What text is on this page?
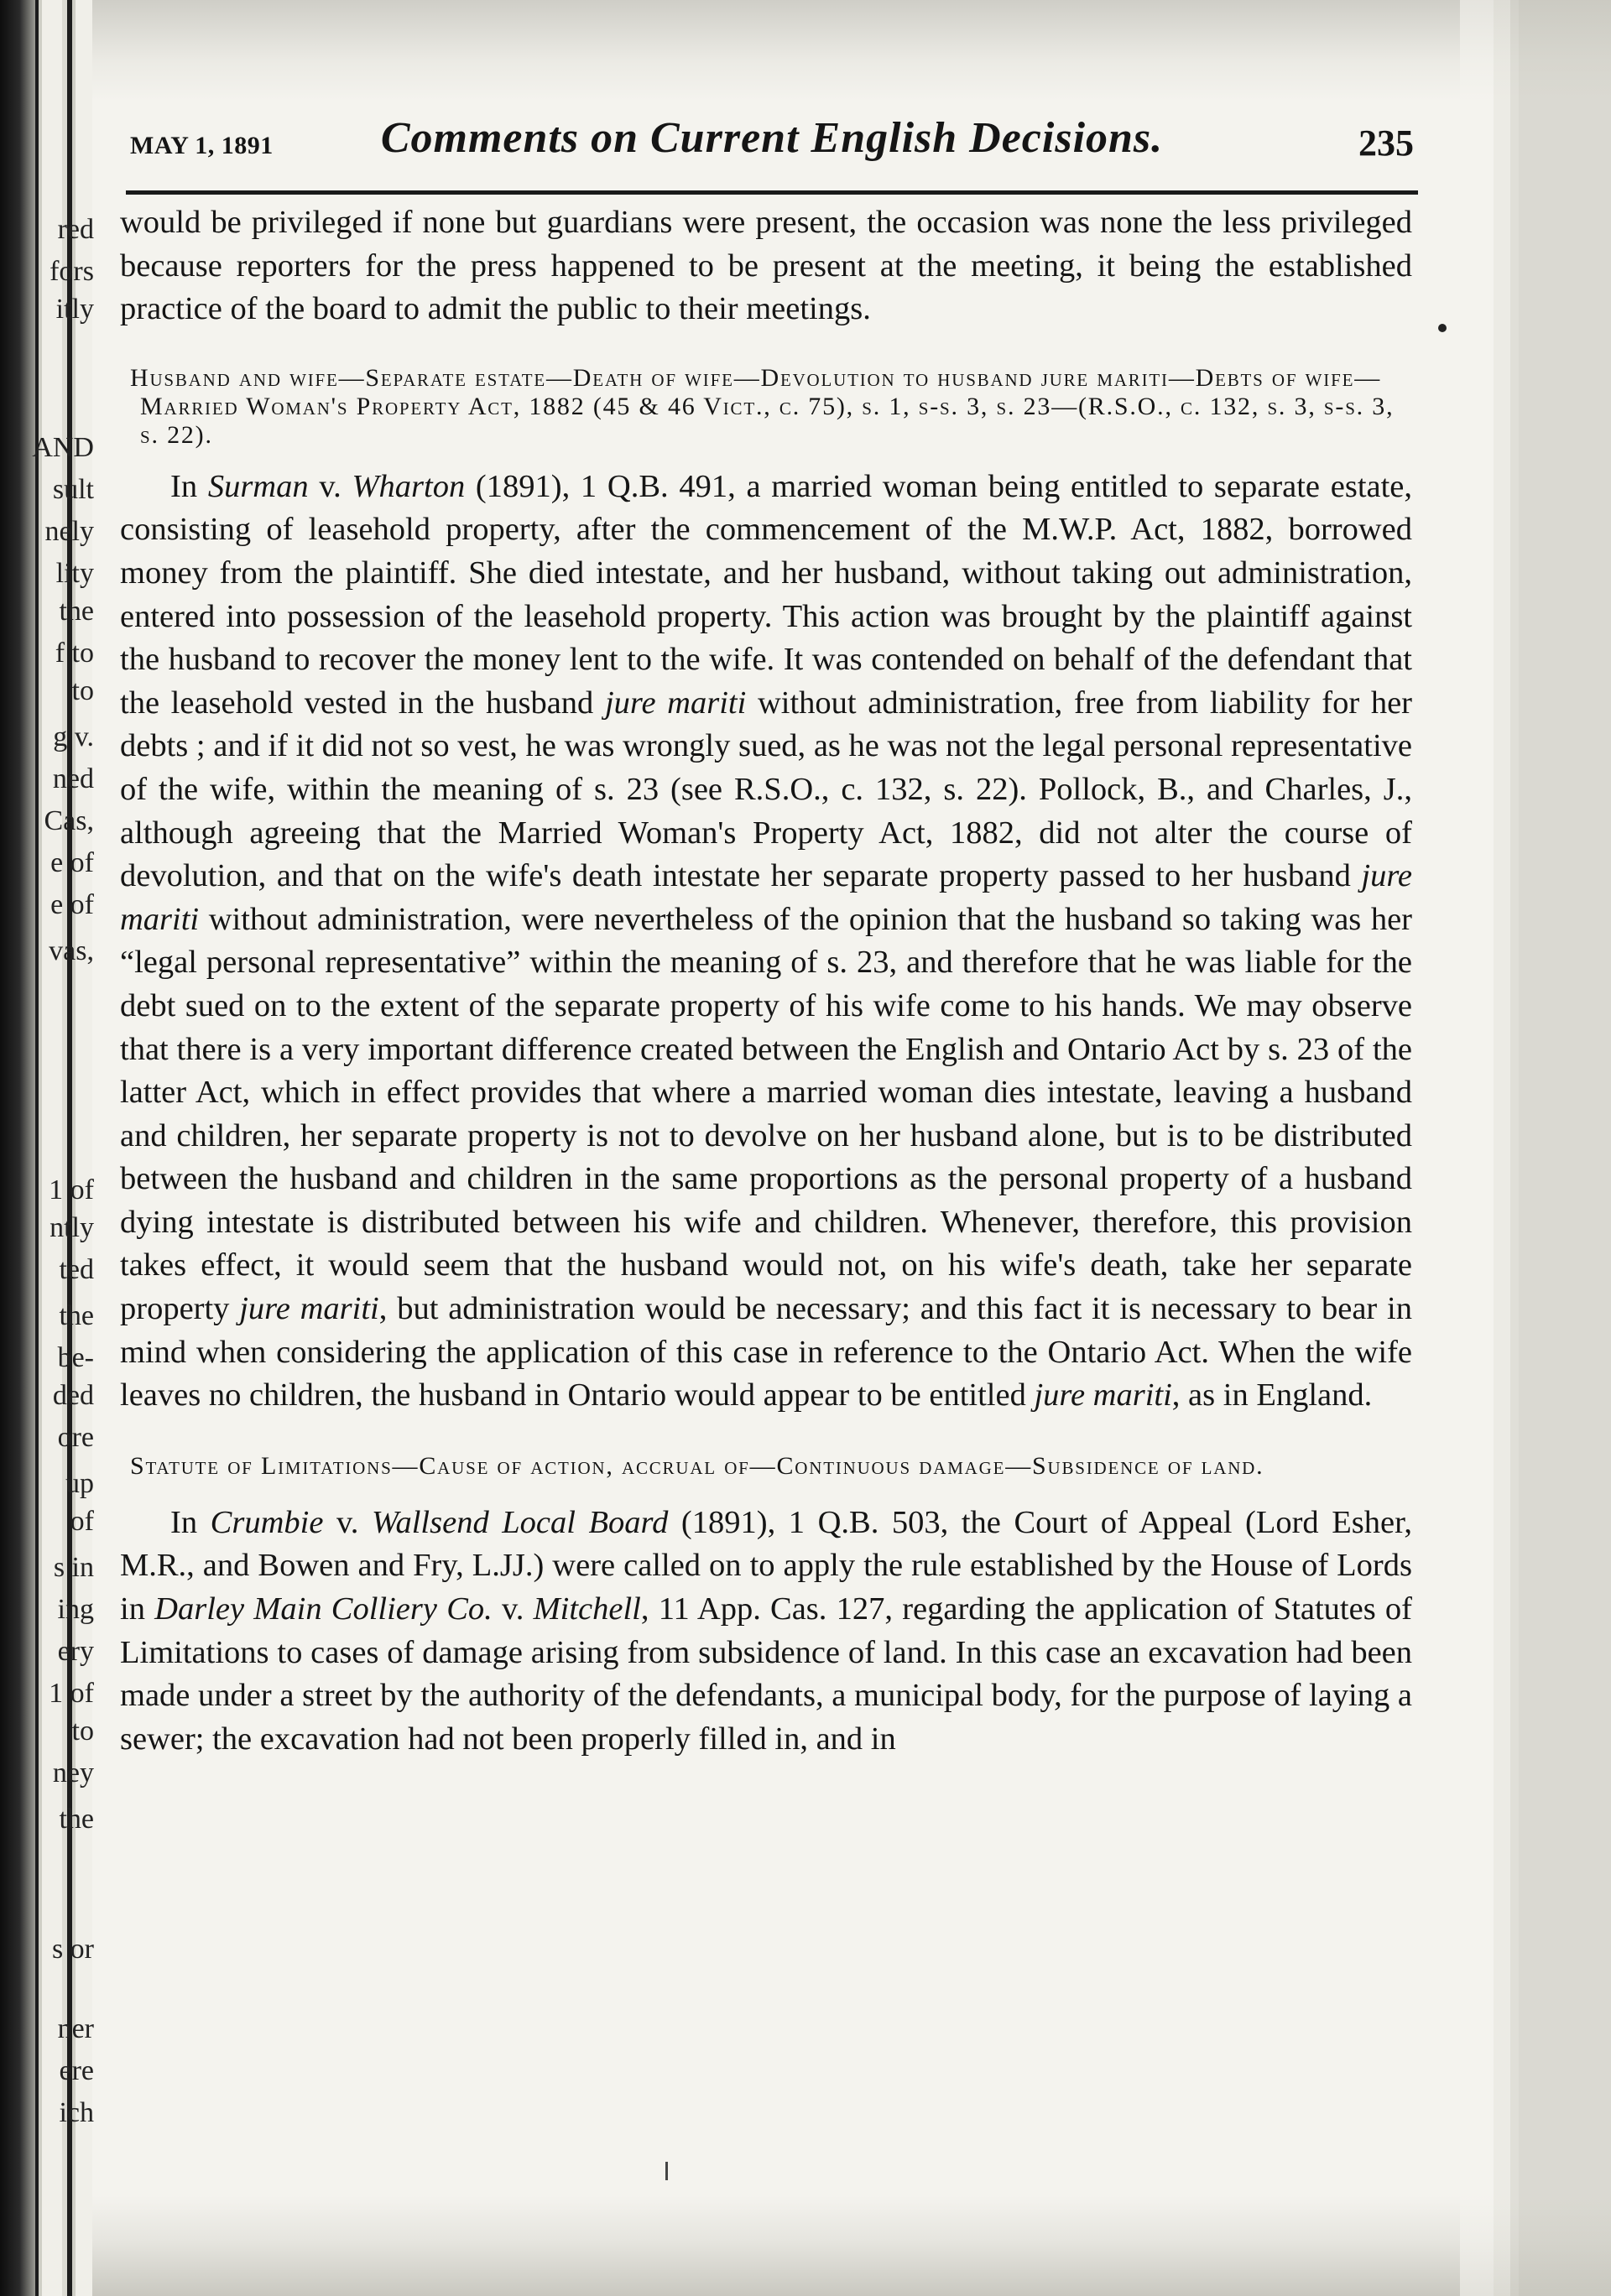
red
fors
itly
AND
sult
nely
lity
the
f to
to
g v.
ned
Cas,
e of
e of
vas,
1 of
ntly
ted
the
be-
ded
ore
up
of
s in
ing
ery
1 of
to
ney
the
s or
ner
ere
ich
MAY 1, 1891	Comments on Current English Decisions.	235

would be privileged if none but guardians were present, the occasion was none the less privileged because reporters for the press happened to be present at the meeting, it being the established practice of the board to admit the public to their meetings.

Husband and wife—Separate estate—Death of wife—Devolution to husband jure mariti—Debts of wife—Married Woman's Property Act, 1882 (45 & 46 Vict., c. 75), s. 1, s-s. 3, s. 23—(R.S.O., c. 132, s. 3, s-s. 3, s. 22).

In Surman v. Wharton (1891), 1 Q.B. 491, a married woman being entitled to separate estate, consisting of leasehold property, after the commencement of the M.W.P. Act, 1882, borrowed money from the plaintiff. She died intestate, and her husband, without taking out administration, entered into possession of the leasehold property. This action was brought by the plaintiff against the husband to recover the money lent to the wife. It was contended on behalf of the defendant that the leasehold vested in the husband jure mariti without administration, free from liability for her debts ; and if it did not so vest, he was wrongly sued, as he was not the legal personal representative of the wife, within the meaning of s. 23 (see R.S.O., c. 132, s. 22). Pollock, B., and Charles, J., although agreeing that the Married Woman's Property Act, 1882, did not alter the course of devolution, and that on the wife's death intestate her separate property passed to her husband jure mariti without administration, were nevertheless of the opinion that the husband so taking was her “legal personal representative” within the meaning of s. 23, and therefore that he was liable for the debt sued on to the extent of the separate property of his wife come to his hands. We may observe that there is a very important difference created between the English and Ontario Act by s. 23 of the latter Act, which in effect provides that where a married woman dies intestate, leaving a husband and children, her separate property is not to devolve on her husband alone, but is to be distributed between the husband and children in the same proportions as the personal property of a husband dying intestate is distributed between his wife and children. Whenever, therefore, this provision takes effect, it would seem that the husband would not, on his wife's death, take her separate property jure mariti, but administration would be necessary; and this fact it is necessary to bear in mind when considering the application of this case in reference to the Ontario Act. When the wife leaves no children, the husband in Ontario would appear to be entitled jure mariti, as in England.

Statute of Limitations—Cause of action, accrual of—Continuous damage—Subsidence of land.

In Crumbie v. Wallsend Local Board (1891), 1 Q.B. 503, the Court of Appeal (Lord Esher, M.R., and Bowen and Fry, L.JJ.) were called on to apply the rule established by the House of Lords in Darley Main Colliery Co. v. Mitchell, 11 App. Cas. 127, regarding the application of Statutes of Limitations to cases of damage arising from subsidence of land. In this case an excavation had been made under a street by the authority of the defendants, a municipal body, for the purpose of laying a sewer; the excavation had not been properly filled in, and in
